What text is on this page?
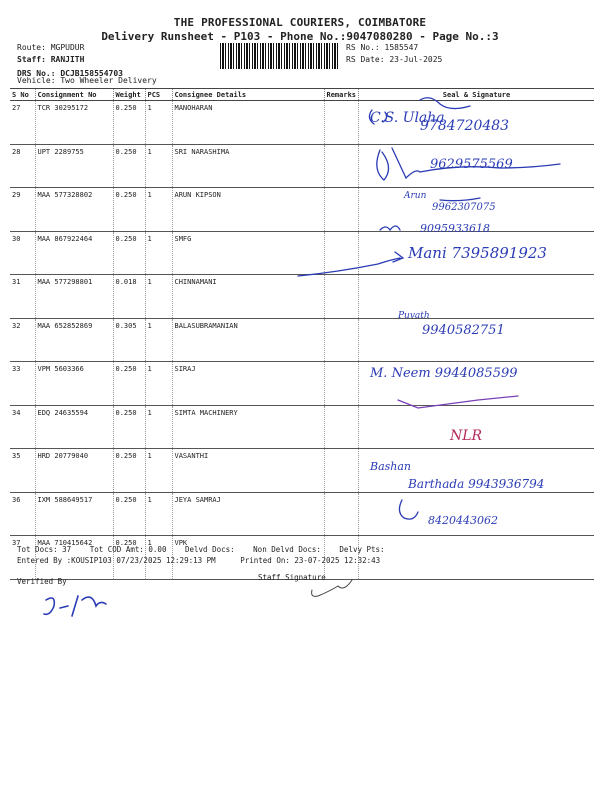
THE PROFESSIONAL COURIERS, COIMBATORE
Delivery Runsheet - P103 - Phone No.:9047080280 - Page No.:3
Route: MGPUDUR
Staff: RANJITH
DRS No.: DCJB158554703
RS No.: 1585547
RS Date: 23-Jul-2025
Vehicle: Two Wheeler Delivery
S No	Consignment No	Weight	PCS	Consignee Details	Remarks	Seal & Signature
27	TCR 30295172	0.250	1	MANOHARAN		
28	UPT 2289755	0.250	1	SRI NARASHIMA		
29	MAA 577328802	0.250	1	ARUN KIPSON		
30	MAA 867922464	0.250	1	SMFG		
31	MAA 577298801	0.018	1	CHINNAMANI		
32	MAA 652852869	0.305	1	BALASUBRAMANIAN		
33	VPM 5603366	0.250	1	SIRAJ		
34	EDQ 24635594	0.250	1	SIMTA MACHINERY		
35	HRD 20779040	0.250	1	VASANTHI		
36	IXM 588649517	0.250	1	JEYA SAMRAJ		
37	MAA 710415642	0.250	1	VPK		
Tot Docs: 37 Tot COD Amt: 0.00 Delvd Docs: Non Delvd Docs: Delvy Pts:
Entered By :KOUSIP103 07/23/2025 12:29:13 PM	Printed On: 23-07-2025 12:32:43
Verified By	Staff Signature
C.S. Ulaha
9784720483
9629575569
Arun
9962307075
9095933618
Mani 7395891923
Puvath
9940582751
M. Neem 9944085599
NLR
Bashan
Barthada 9943936794
8420443062
